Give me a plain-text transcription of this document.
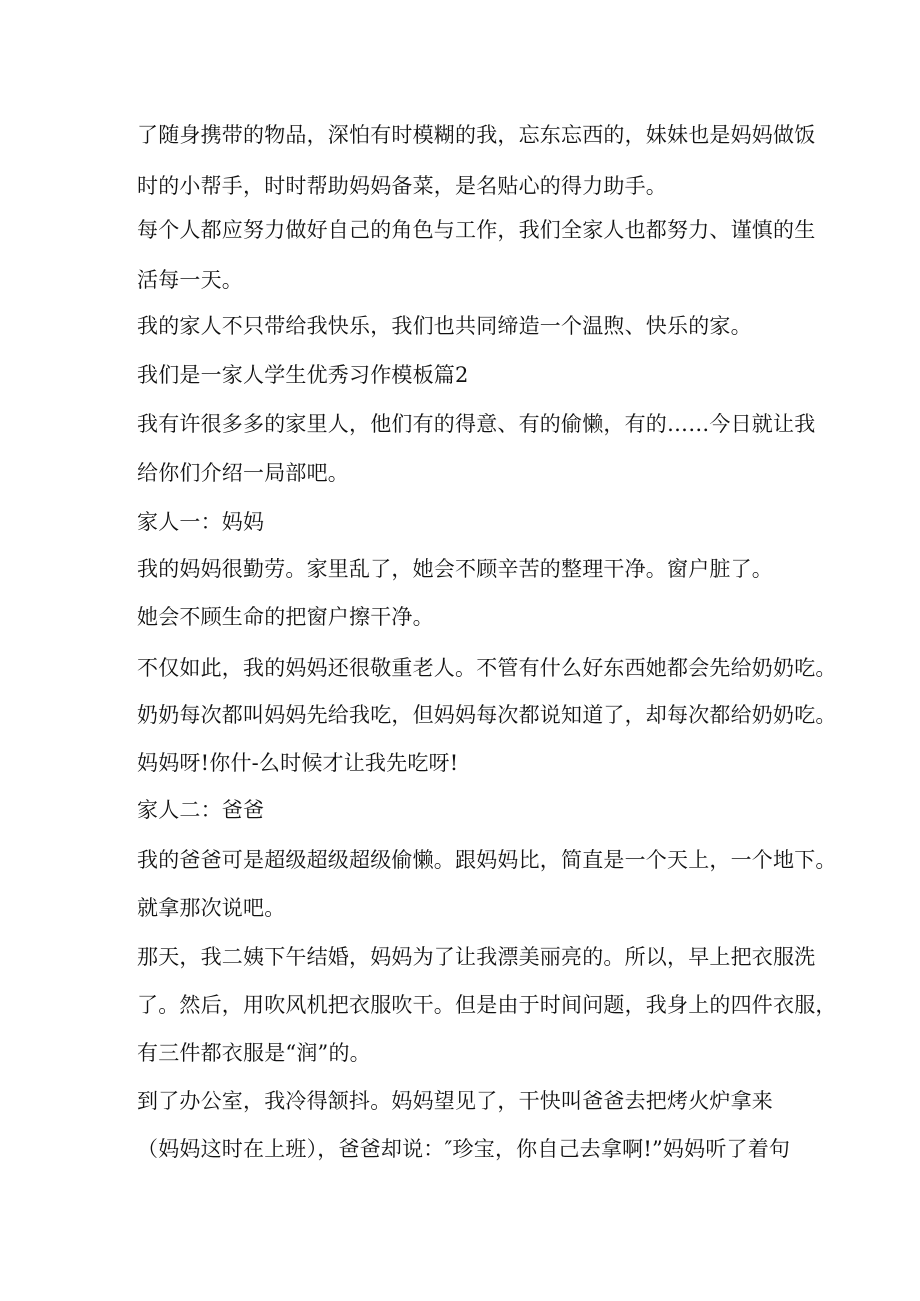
了随身携带的物品，深怕有时模糊的我，忘东忘西的，妹妹也是妈妈做饭
时的小帮手，时时帮助妈妈备菜，是名贴心的得力助手。
每个人都应努力做好自己的角色与工作，我们全家人也都努力、谨慎的生
活每一天。
我的家人不只带给我快乐，我们也共同缔造一个温煦、快乐的家。
我们是一家人学生优秀习作模板篇2
我有许很多多的家里人，他们有的得意、有的偷懒，有的……今日就让我
给你们介绍一局部吧。
家人一：妈妈
我的妈妈很勤劳。家里乱了，她会不顾辛苦的整理干净。窗户脏了。
她会不顾生命的把窗户擦干净。
不仅如此，我的妈妈还很敬重老人。不管有什么好东西她都会先给奶奶吃。
奶奶每次都叫妈妈先给我吃，但妈妈每次都说知道了，却每次都给奶奶吃。
妈妈呀!你什-么时候才让我先吃呀!
家人二：爸爸
我的爸爸可是超级超级超级偷懒。跟妈妈比，简直是一个天上，一个地下。
就拿那次说吧。
那天，我二姨下午结婚，妈妈为了让我漂美丽亮的。所以，早上把衣服洗
了。然后，用吹风机把衣服吹干。但是由于时间问题，我身上的四件衣服，
有三件都衣服是“润”的。
到了办公室，我冷得颔抖。妈妈望见了，干快叫爸爸去把烤火炉拿来
（妈妈这时在上班），爸爸却说：″珍宝，你自己去拿啊!”妈妈听了着句
